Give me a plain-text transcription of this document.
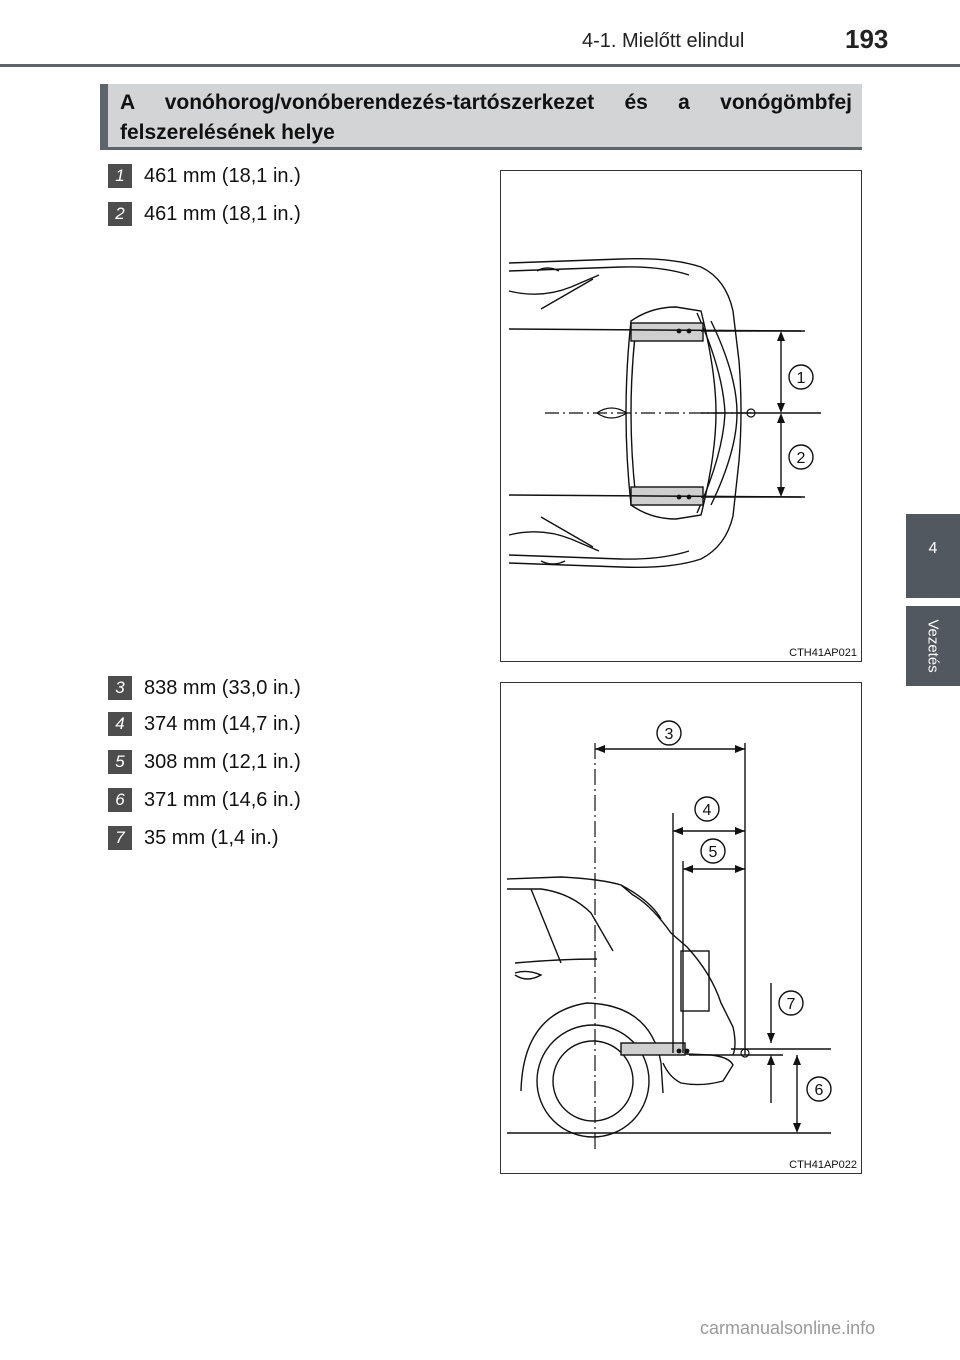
4-1. Mielőtt elindul	193
4
Vezetés
A vonóhorog/vonóberendezés-tartószerkezet és a vonógömbfej
felszerelésének helye
1 461 mm (18,1 in.)
2 461 mm (18,1 in.)
3 838 mm (33,0 in.)
4 374 mm (14,7 in.)
5 308 mm (12,1 in.)
6 371 mm (14,6 in.)
7 35 mm (1,4 in.)
1
2
CTH41AP021
3
4
5
7
6
CTH41AP022
carmanualsonline.info
